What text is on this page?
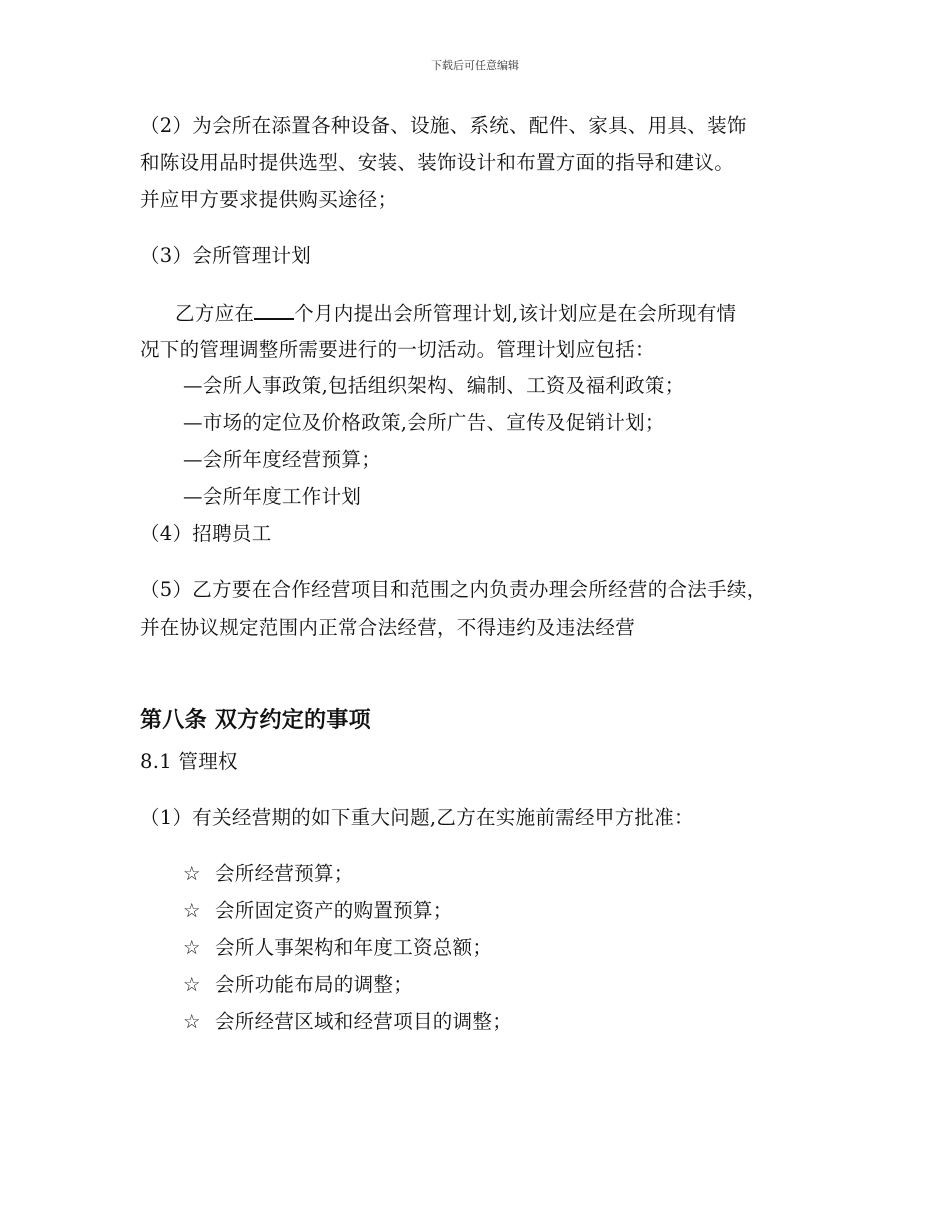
下载后可任意编辑
（2）为会所在添置各种设备、设施、系统、配件、家具、用具、装饰
和陈设用品时提供选型、安装、装饰设计和布置方面的指导和建议。
并应甲方要求提供购买途径；
（3）会所管理计划
乙方应在 个月内提出会所管理计划,该计划应是在会所现有情
况下的管理调整所需要进行的一切活动。管理计划应包括：
—会所人事政策,包括组织架构、编制、工资及福利政策；
—市场的定位及价格政策,会所广告、宣传及促销计划；
—会所年度经营预算；
—会所年度工作计划
（4）招聘员工
（5）乙方要在合作经营项目和范围之内负责办理会所经营的合法手续，
并在协议规定范围内正常合法经营，不得违约及违法经营
第八条 双方约定的事项
8.1 管理权
（1）有关经营期的如下重大问题,乙方在实施前需经甲方批准：
☆ 会所经营预算；
☆ 会所固定资产的购置预算；
☆ 会所人事架构和年度工资总额；
☆ 会所功能布局的调整；
☆ 会所经营区域和经营项目的调整；
